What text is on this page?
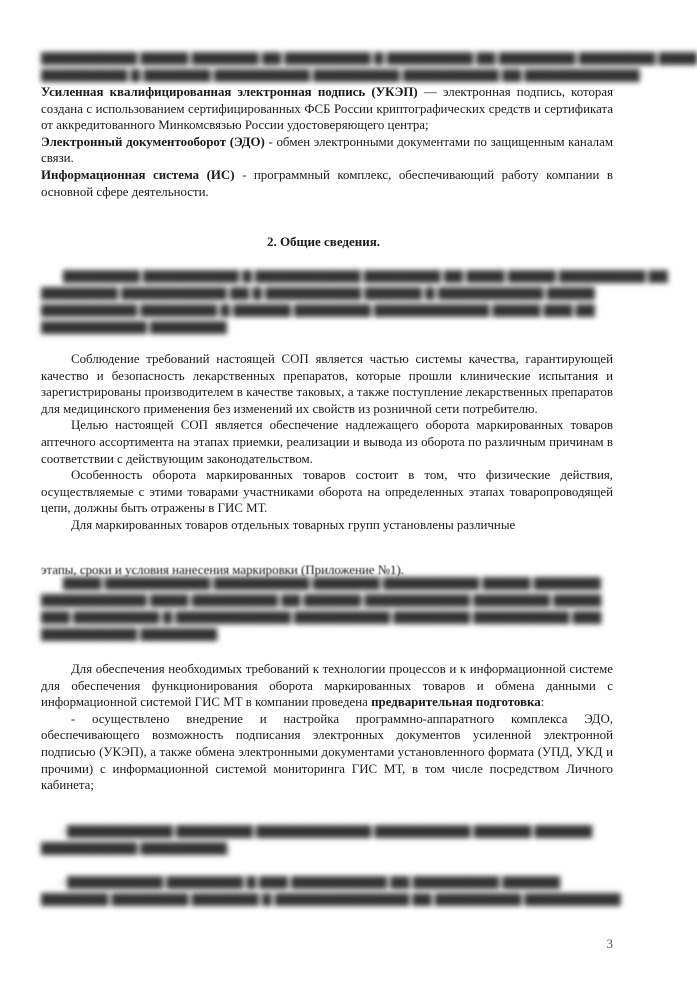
▇▇▇▇▇▇▇▇▇▇ ▇▇▇▇▇ ▇▇▇▇▇▇▇ ▇▇ ▇▇▇▇▇▇▇▇▇ ▇ ▇▇▇▇▇▇▇▇▇ ▇▇ ▇▇▇▇▇▇▇▇ ▇▇▇▇▇▇▇▇ ▇▇▇▇
▇▇▇▇▇▇▇▇▇ ▇ ▇▇▇▇▇▇▇ ▇▇▇▇▇▇▇▇▇▇ ▇▇▇▇▇▇▇▇▇ ▇▇▇▇▇▇▇▇▇▇ ▇▇ ▇▇▇▇▇▇▇▇▇▇▇▇

Усиленная квалифицированная электронная подпись (УКЭП) — электронная подпись, которая создана с использованием сертифицированных ФСБ России криптографических средств и сертификата от аккредитованного Минкомсвязью России удостоверяющего центра;

Электронный документооборот (ЭДО) - обмен электронными документами по защищенным каналам связи.

Информационная система (ИС) - программный комплекс, обеспечивающий работу компании в основной сфере деятельности.

2. Общие сведения.
▇▇▇▇▇▇▇▇ ▇▇▇▇▇▇▇▇▇▇ ▇ ▇▇▇▇▇▇▇▇▇▇▇ ▇▇▇▇▇▇▇▇ ▇▇ ▇▇▇▇ ▇▇▇▇▇ ▇▇▇▇▇▇▇▇▇ ▇▇
▇▇▇▇▇▇▇▇ ▇▇▇▇▇▇▇▇▇▇▇ ▇▇ ▇ ▇▇▇▇▇▇▇▇▇▇ ▇▇▇▇▇▇ ▇ ▇▇▇▇▇▇▇▇▇▇▇ ▇▇▇▇▇
▇▇▇▇▇▇▇▇▇▇ ▇▇▇▇▇▇▇▇ ▇ ▇▇▇▇▇▇ ▇▇▇▇▇▇▇▇ ▇▇▇▇▇▇▇▇▇▇▇▇ ▇▇▇▇▇ ▇▇▇ ▇▇
▇▇▇▇▇▇▇▇▇▇▇ ▇▇▇▇▇▇▇▇

Соблюдение требований настоящей СОП является частью системы качества, гарантирующей качество и безопасность лекарственных препаратов, которые прошли клинические испытания и зарегистрированы производителем в качестве таковых, а также поступление лекарственных препаратов для медицинского применения без изменений их свойств из розничной сети потребителю.

Целью настоящей СОП является обеспечение надлежащего оборота маркированных товаров аптечного ассортимента на этапах приемки, реализации и вывода из оборота по различным причинам в соответствии с действующим законодательством.

Особенность оборота маркированных товаров состоит в том, что физические действия, осуществляемые с этими товарами участниками оборота на определенных этапах товаропроводящей цепи, должны быть отражены в ГИС МТ.

Для маркированных товаров отдельных товарных групп установлены различные

этапы, сроки и условия нанесения маркировки (Приложение №1).
▇▇▇▇ ▇▇▇▇▇▇▇▇▇▇▇ ▇▇▇▇▇▇▇▇▇▇ ▇▇▇▇▇▇▇ ▇▇▇▇▇▇▇▇▇▇ ▇▇▇▇▇ ▇▇▇▇▇▇▇
▇▇▇▇▇▇▇▇▇▇▇ ▇▇▇▇ ▇▇▇▇▇▇▇▇▇ ▇▇ ▇▇▇▇▇▇ ▇▇▇▇▇▇▇▇▇▇▇ ▇▇▇▇▇▇▇▇ ▇▇▇▇▇
▇▇▇ ▇▇▇▇▇▇▇▇▇ ▇ ▇▇▇▇▇▇▇▇▇▇▇▇ ▇▇▇▇▇▇▇▇▇▇ ▇▇▇▇▇▇▇▇ ▇▇▇▇▇▇▇▇▇▇ ▇▇▇
▇▇▇▇▇▇▇▇▇▇ ▇▇▇▇▇▇▇▇

Для обеспечения необходимых требований к технологии процессов и к информационной системе для обеспечения функционирования оборота маркированных товаров и обмена данными с информационной системой ГИС МТ в компании проведена предварительная подготовка:

- осуществлено внедрение и настройка программно-аппаратного комплекса ЭДО, обеспечивающего возможность подписания электронных документов усиленной электронной подписью (УКЭП), а также обмена электронными документами установленного формата (УПД, УКД и прочими) с информационной системой мониторинга ГИС МТ, в том числе посредством Личного кабинета;

- ▇▇▇▇▇▇▇▇▇▇▇ ▇▇▇▇▇▇▇▇ ▇▇▇▇▇▇▇▇▇▇▇▇ ▇▇▇▇▇▇▇▇▇▇ ▇▇▇▇▇▇ ▇▇▇▇▇▇
▇▇▇▇▇▇▇▇▇▇ ▇▇▇▇▇▇▇▇▇;

- ▇▇▇▇▇▇▇▇▇▇ ▇▇▇▇▇▇▇▇ ▇ ▇▇▇ ▇▇▇▇▇▇▇▇▇▇ ▇▇ ▇▇▇▇▇▇▇▇▇ ▇▇▇▇▇▇
▇▇▇▇▇▇▇ ▇▇▇▇▇▇▇▇ ▇▇▇▇▇▇▇ ▇ ▇▇▇▇▇▇▇▇▇▇▇▇▇▇ ▇▇ ▇▇▇▇▇▇▇▇▇ ▇▇▇▇▇▇▇▇▇▇
3
